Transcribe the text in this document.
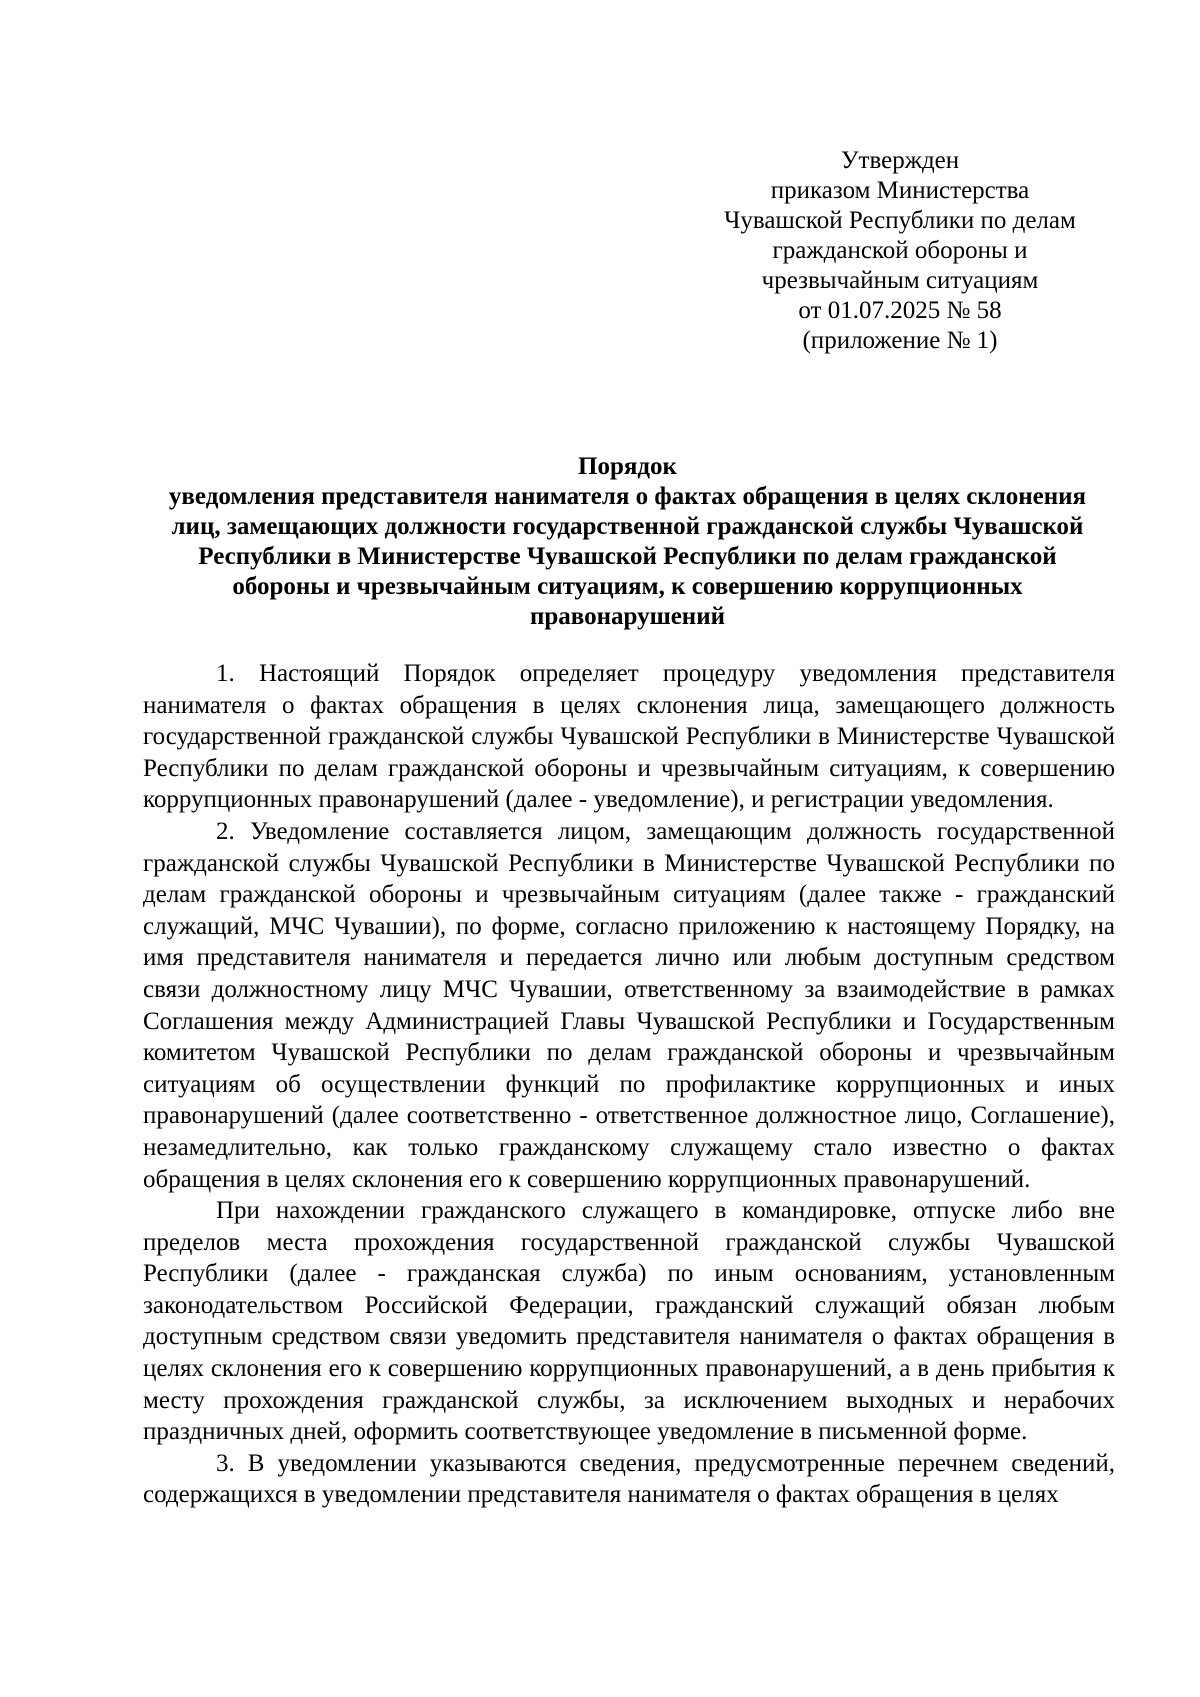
Утвержден
приказом Министерства
Чувашской Республики по делам
гражданской обороны и
чрезвычайным ситуациям
от 01.07.2025 № 58
(приложение № 1)
Порядок
уведомления представителя нанимателя о фактах обращения в целях склонения
лиц, замещающих должности государственной гражданской службы Чувашской
Республики в Министерстве Чувашской Республики по делам гражданской
обороны и чрезвычайным ситуациям, к совершению коррупционных
правонарушений

1. Настоящий Порядок определяет процедуру уведомления представителя нанимателя о фактах обращения в целях склонения лица, замещающего должность государственной гражданской службы Чувашской Республики в Министерстве Чувашской Республики по делам гражданской обороны и чрезвычайным ситуациям, к совершению коррупционных правонарушений (далее - уведомление), и регистрации уведомления.

2. Уведомление составляется лицом, замещающим должность государственной гражданской службы Чувашской Республики в Министерстве Чувашской Республики по делам гражданской обороны и чрезвычайным ситуациям (далее также - гражданский служащий, МЧС Чувашии), по форме, согласно приложению к настоящему Порядку, на имя представителя нанимателя и передается лично или любым доступным средством связи должностному лицу МЧС Чувашии, ответственному за взаимодействие в рамках Соглашения между Администрацией Главы Чувашской Республики и Государственным комитетом Чувашской Республики по делам гражданской обороны и чрезвычайным ситуациям об осуществлении функций по профилактике коррупционных и иных правонарушений (далее соответственно - ответственное должностное лицо, Соглашение), незамедлительно, как только гражданскому служащему стало известно о фактах обращения в целях склонения его к совершению коррупционных правонарушений.

При нахождении гражданского служащего в командировке, отпуске либо вне пределов места прохождения государственной гражданской службы Чувашской Республики (далее - гражданская служба) по иным основаниям, установленным законодательством Российской Федерации, гражданский служащий обязан любым доступным средством связи уведомить представителя нанимателя о фактах обращения в целях склонения его к совершению коррупционных правонарушений, а в день прибытия к месту прохождения гражданской службы, за исключением выходных и нерабочих праздничных дней, оформить соответствующее уведомление в письменной форме.

3. В уведомлении указываются сведения, предусмотренные перечнем сведений, содержащихся в уведомлении представителя нанимателя о фактах обращения в целях
